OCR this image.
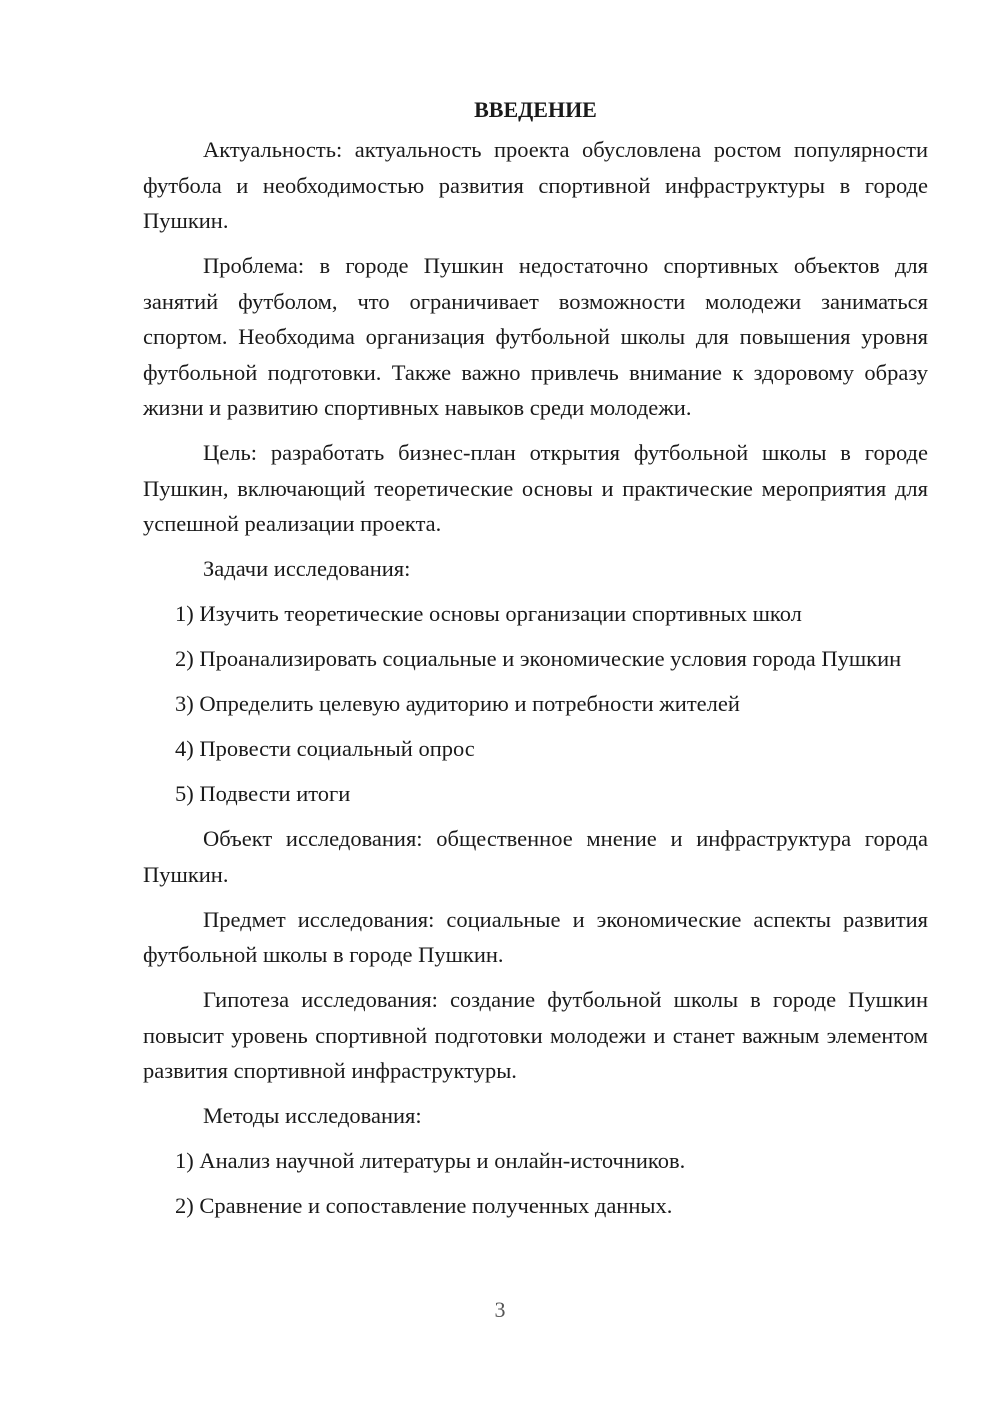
ВВЕДЕНИЕ

Актуальность: актуальность проекта обусловлена ростом популярности футбола и необходимостью развития спортивной инфраструктуры в городе Пушкин.

Проблема: в городе Пушкин недостаточно спортивных объектов для занятий футболом, что ограничивает возможности молодежи заниматься спортом. Необходима организация футбольной школы для повышения уровня футбольной подготовки. Также важно привлечь внимание к здоровому образу жизни и развитию спортивных навыков среди молодежи.

Цель: разработать бизнес-план открытия футбольной школы в городе Пушкин, включающий теоретические основы и практические мероприятия для успешной реализации проекта.

Задачи исследования:

1) Изучить теоретические основы организации спортивных школ

2) Проанализировать социальные и экономические условия города Пушкин

3) Определить целевую аудиторию и потребности жителей

4) Провести социальный опрос

5) Подвести итоги

Объект исследования: общественное мнение и инфраструктура города Пушкин.

Предмет исследования: социальные и экономические аспекты развития футбольной школы в городе Пушкин.

Гипотеза исследования: создание футбольной школы в городе Пушкин повысит уровень спортивной подготовки молодежи и станет важным элементом развития спортивной инфраструктуры.

Методы исследования:

1) Анализ научной литературы и онлайн-источников.

2) Сравнение и сопоставление полученных данных.

3
